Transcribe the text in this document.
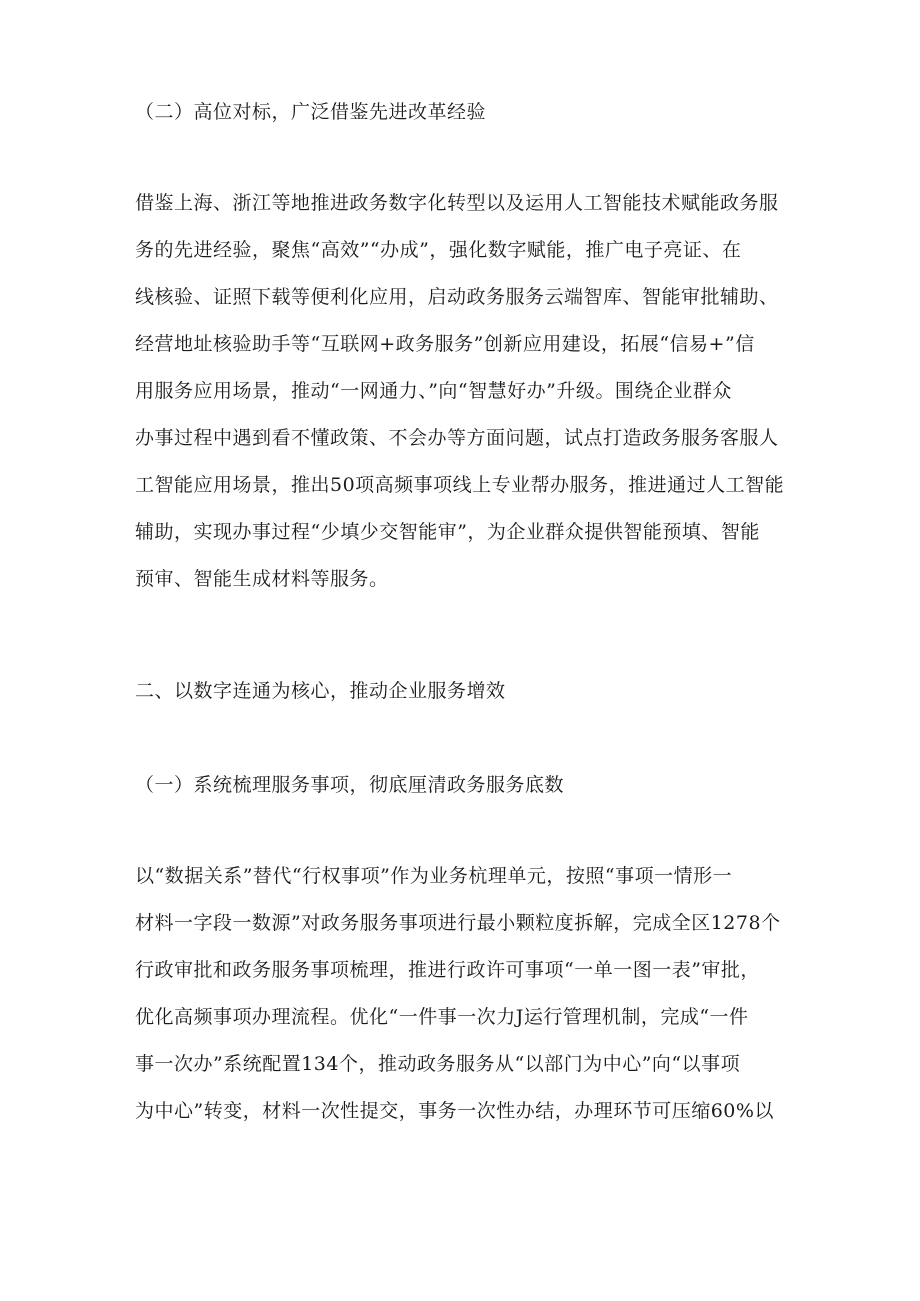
（二）高位对标，广泛借鉴先进改革经验
借鉴上海、浙江等地推进政务数字化转型以及运用人工智能技术赋能政务服
务的先进经验，聚焦“高效”“办成”，强化数字赋能，推广电子亮证、在
线核验、证照下载等便利化应用，启动政务服务云端智库、智能审批辅助、
经营地址核验助手等“互联网+政务服务”创新应用建设，拓展“信易+”信
用服务应用场景，推动“一网通力、”向“智慧好办”升级。围绕企业群众
办事过程中遇到看不懂政策、不会办等方面问题，试点打造政务服务客服人
工智能应用场景，推出50项高频事项线上专业帮办服务，推进通过人工智能
辅助，实现办事过程“少填少交智能审”，为企业群众提供智能预填、智能
预审、智能生成材料等服务。
二、以数字连通为核心，推动企业服务增效
（一）系统梳理服务事项，彻底厘清政务服务底数
以“数据关系”替代“行权事项”作为业务杭理单元，按照“事项一情形一
材料一字段一数源”对政务服务事项进行最小颗粒度拆解，完成全区1278个
行政审批和政务服务事项梳理，推进行政许可事项“一单一图一表”审批，
优化高频事项办理流程。优化“一件事一次力J运行管理机制，完成“一件
事一次办”系统配置134个，推动政务服务从“以部门为中心”向“以事项
为中心”转变，材料一次性提交，事务一次性办结，办理环节可压缩60%以
